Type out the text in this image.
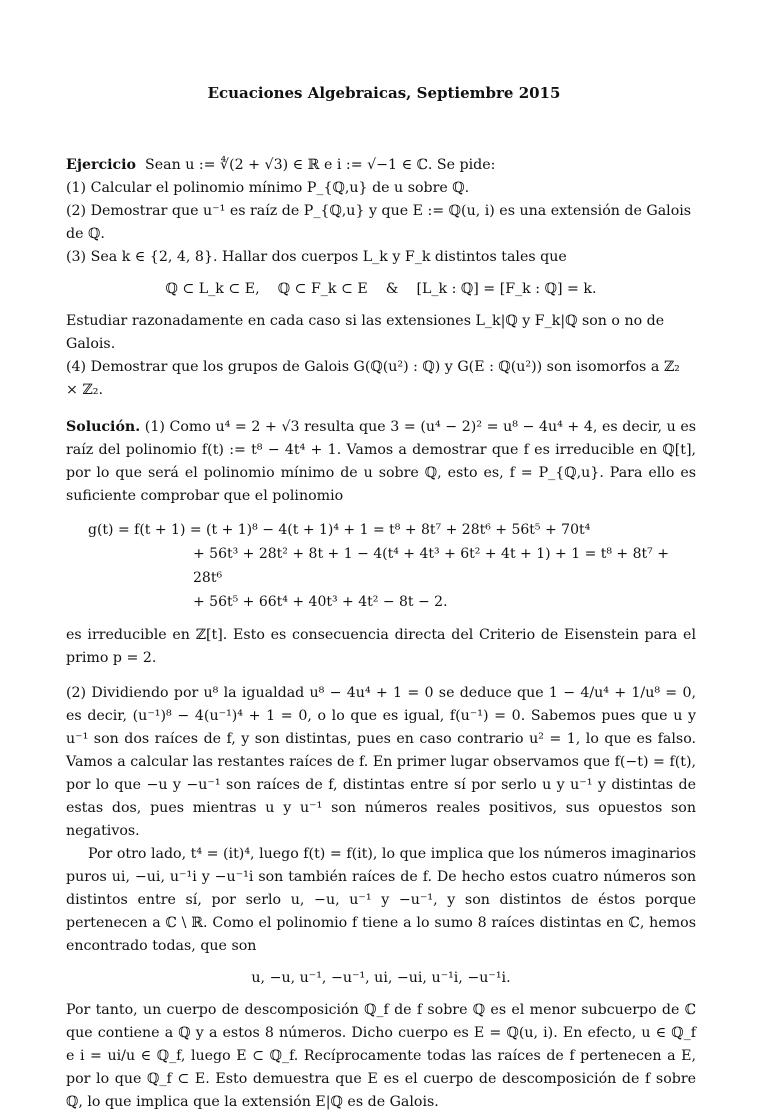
Ecuaciones Algebraicas, Septiembre 2015

Ejercicio Sean u := ∜(2 + √3) ∈ ℝ e i := √−1 ∈ ℂ. Se pide:

(1) Calcular el polinomio mínimo P_{ℚ,u} de u sobre ℚ.

(2) Demostrar que u⁻¹ es raíz de P_{ℚ,u} y que E := ℚ(u, i) es una extensión de Galois de ℚ.

(3) Sea k ∈ {2, 4, 8}. Hallar dos cuerpos L_k y F_k distintos tales que

ℚ ⊂ L_k ⊂ E,    ℚ ⊂ F_k ⊂ E    &    [L_k : ℚ] = [F_k : ℚ] = k.

Estudiar razonadamente en cada caso si las extensiones L_k|ℚ y F_k|ℚ son o no de Galois.

(4) Demostrar que los grupos de Galois G(ℚ(u²) : ℚ) y G(E : ℚ(u²)) son isomorfos a ℤ₂ × ℤ₂.

Solución. (1) Como u⁴ = 2 + √3 resulta que 3 = (u⁴ − 2)² = u⁸ − 4u⁴ + 4, es decir, u es raíz del polinomio f(t) := t⁸ − 4t⁴ + 1. Vamos a demostrar que f es irreducible en ℚ[t], por lo que será el polinomio mínimo de u sobre ℚ, esto es, f = P_{ℚ,u}. Para ello es suficiente comprobar que el polinomio

g(t) = f(t + 1) = (t + 1)⁸ − 4(t + 1)⁴ + 1 = t⁸ + 8t⁷ + 28t⁶ + 56t⁵ + 70t⁴
+ 56t³ + 28t² + 8t + 1 − 4(t⁴ + 4t³ + 6t² + 4t + 1) + 1 = t⁸ + 8t⁷ + 28t⁶
+ 56t⁵ + 66t⁴ + 40t³ + 4t² − 8t − 2.

es irreducible en ℤ[t]. Esto es consecuencia directa del Criterio de Eisenstein para el primo p = 2.

(2) Dividiendo por u⁸ la igualdad u⁸ − 4u⁴ + 1 = 0 se deduce que 1 − 4/u⁴ + 1/u⁸ = 0, es decir, (u⁻¹)⁸ − 4(u⁻¹)⁴ + 1 = 0, o lo que es igual, f(u⁻¹) = 0. Sabemos pues que u y u⁻¹ son dos raíces de f, y son distintas, pues en caso contrario u² = 1, lo que es falso. Vamos a calcular las restantes raíces de f. En primer lugar observamos que f(−t) = f(t), por lo que −u y −u⁻¹ son raíces de f, distintas entre sí por serlo u y u⁻¹ y distintas de estas dos, pues mientras u y u⁻¹ son números reales positivos, sus opuestos son negativos.

Por otro lado, t⁴ = (it)⁴, luego f(t) = f(it), lo que implica que los números imaginarios puros ui, −ui, u⁻¹i y −u⁻¹i son también raíces de f. De hecho estos cuatro números son distintos entre sí, por serlo u, −u, u⁻¹ y −u⁻¹, y son distintos de éstos porque pertenecen a ℂ \ ℝ. Como el polinomio f tiene a lo sumo 8 raíces distintas en ℂ, hemos encontrado todas, que son

u, −u, u⁻¹, −u⁻¹, ui, −ui, u⁻¹i, −u⁻¹i.

Por tanto, un cuerpo de descomposición ℚ_f de f sobre ℚ es el menor subcuerpo de ℂ que contiene a ℚ y a estos 8 números. Dicho cuerpo es E = ℚ(u, i). En efecto, u ∈ ℚ_f e i = ui/u ∈ ℚ_f, luego E ⊂ ℚ_f. Recíprocamente todas las raíces de f pertenecen a E, por lo que ℚ_f ⊂ E. Esto demuestra que E es el cuerpo de descomposición de f sobre ℚ, lo que implica que la extensión E|ℚ es de Galois.
